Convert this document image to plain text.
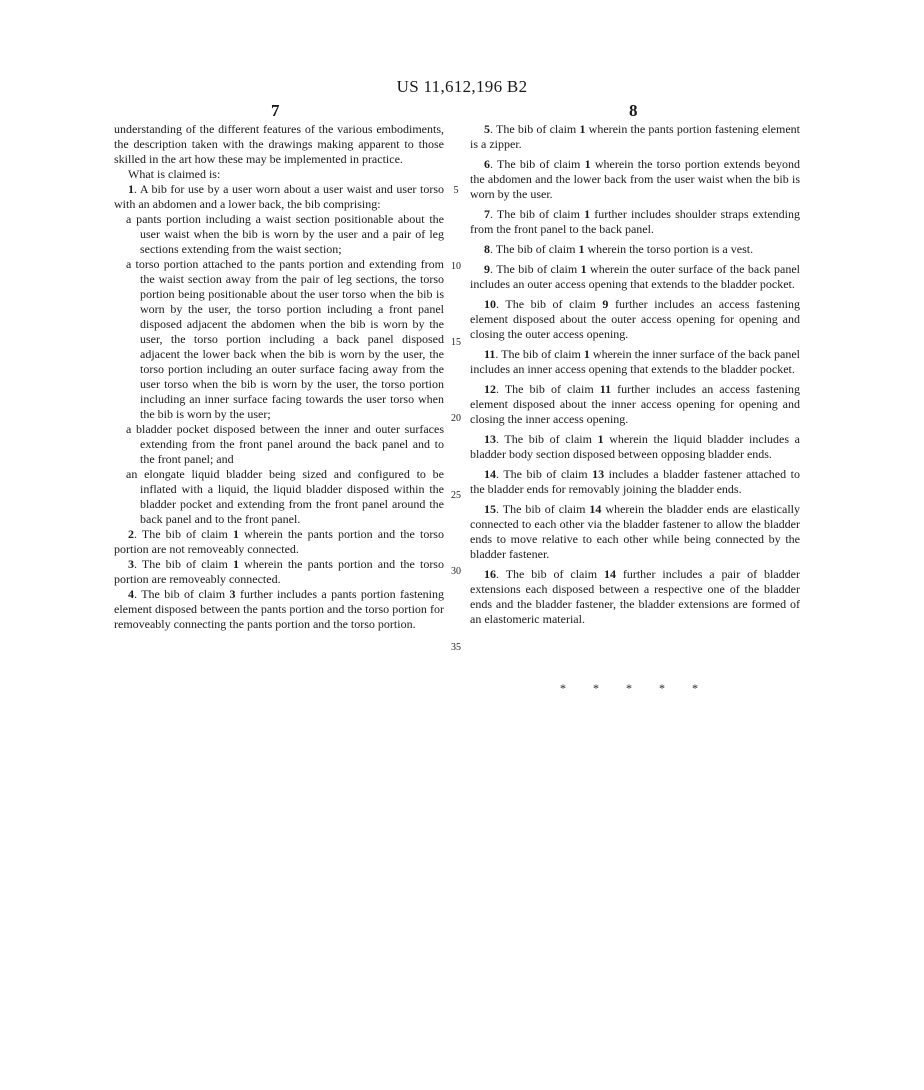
US 11,612,196 B2
7	8

understanding of the different features of the various embodiments, the description taken with the drawings making apparent to those skilled in the art how these may be implemented in practice.

What is claimed is:

1. A bib for use by a user worn about a user waist and user torso with an abdomen and a lower back, the bib comprising:

a pants portion including a waist section positionable about the user waist when the bib is worn by the user and a pair of leg sections extending from the waist section;

a torso portion attached to the pants portion and extending from the waist section away from the pair of leg sections, the torso portion being positionable about the user torso when the bib is worn by the user, the torso portion including a front panel disposed adjacent the abdomen when the bib is worn by the user, the torso portion including a back panel disposed adjacent the lower back when the bib is worn by the user, the torso portion including an outer surface facing away from the user torso when the bib is worn by the user, the torso portion including an inner surface facing towards the user torso when the bib is worn by the user;

a bladder pocket disposed between the inner and outer surfaces extending from the front panel around the back panel and to the front panel; and

an elongate liquid bladder being sized and configured to be inflated with a liquid, the liquid bladder disposed within the bladder pocket and extending from the front panel around the back panel and to the front panel.

2. The bib of claim 1 wherein the pants portion and the torso portion are not removeably connected.

3. The bib of claim 1 wherein the pants portion and the torso portion are removeably connected.

4. The bib of claim 3 further includes a pants portion fastening element disposed between the pants portion and the torso portion for removeably connecting the pants portion and the torso portion.

5
10
15
20
25
30
35

5. The bib of claim 1 wherein the pants portion fastening element is a zipper.

6. The bib of claim 1 wherein the torso portion extends beyond the abdomen and the lower back from the user waist when the bib is worn by the user.

7. The bib of claim 1 further includes shoulder straps extending from the front panel to the back panel.

8. The bib of claim 1 wherein the torso portion is a vest.

9. The bib of claim 1 wherein the outer surface of the back panel includes an outer access opening that extends to the bladder pocket.

10. The bib of claim 9 further includes an access fastening element disposed about the outer access opening for opening and closing the outer access opening.

11. The bib of claim 1 wherein the inner surface of the back panel includes an inner access opening that extends to the bladder pocket.

12. The bib of claim 11 further includes an access fastening element disposed about the inner access opening for opening and closing the inner access opening.

13. The bib of claim 1 wherein the liquid bladder includes a bladder body section disposed between opposing bladder ends.

14. The bib of claim 13 includes a bladder fastener attached to the bladder ends for removably joining the bladder ends.

15. The bib of claim 14 wherein the bladder ends are elastically connected to each other via the bladder fastener to allow the bladder ends to move relative to each other while being connected by the bladder fastener.

16. The bib of claim 14 further includes a pair of bladder extensions each disposed between a respective one of the bladder ends and the bladder fastener, the bladder extensions are formed of an elastomeric material.

* * * * *
